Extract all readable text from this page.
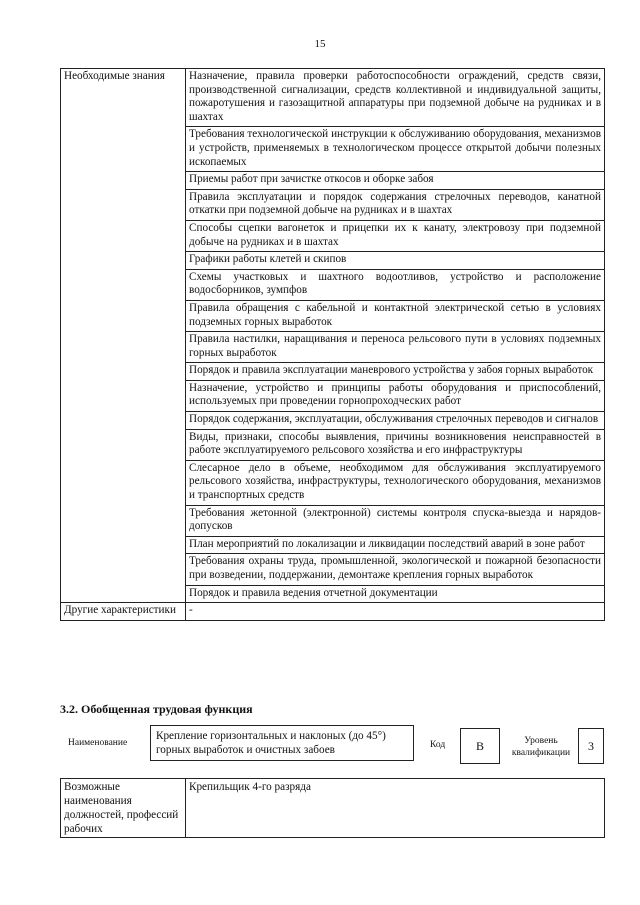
15
Необходимые знания	Назначение, правила проверки работоспособности ограждений, средств связи, производственной сигнализации, средств коллективной и индивидуальной защиты, пожаротушения и газозащитной аппаратуры при подземной добыче на рудниках и в шахтах
	Требования технологической инструкции к обслуживанию оборудования, механизмов и устройств, применяемых в технологическом процессе открытой добычи полезных ископаемых
	Приемы работ при зачистке откосов и оборке забоя
	Правила эксплуатации и порядок содержания стрелочных переводов, канатной откатки при подземной добыче на рудниках и в шахтах
	Способы сцепки вагонеток и прицепки их к канату, электровозу при подземной добыче на рудниках и в шахтах
	Графики работы клетей и скипов
	Схемы участковых и шахтного водоотливов, устройство и расположение водосборников, зумпфов
	Правила обращения с кабельной и контактной электрической сетью в условиях подземных горных выработок
	Правила настилки, наращивания и переноса рельсового пути в условиях подземных горных выработок
	Порядок и правила эксплуатации маневрового устройства у забоя горных выработок
	Назначение, устройство и принципы работы оборудования и приспособлений, используемых при проведении горнопроходческих работ
	Порядок содержания, эксплуатации, обслуживания стрелочных переводов и сигналов
	Виды, признаки, способы выявления, причины возникновения неисправностей в работе эксплуатируемого рельсового хозяйства и его инфраструктуры
	Слесарное дело в объеме, необходимом для обслуживания эксплуатируемого рельсового хозяйства, инфраструктуры, технологического оборудования, механизмов и транспортных средств
	Требования жетонной (электронной) системы контроля спуска-выезда и нарядов-допусков
	План мероприятий по локализации и ликвидации последствий аварий в зоне работ
	Требования охраны труда, промышленной, экологической и пожарной безопасности при возведении, поддержании, демонтаже крепления горных выработок
	Порядок и правила ведения отчетной документации
Другие характеристики	-
3.2. Обобщенная трудовая функция
Наименование
Крепление горизонтальных и наклоных (до 45°) горных выработок и очистных забоев	Код	В	Уровень квалификации
3
Возможные наименования должностей, профессий рабочих	Крепильщик 4-го разряда
